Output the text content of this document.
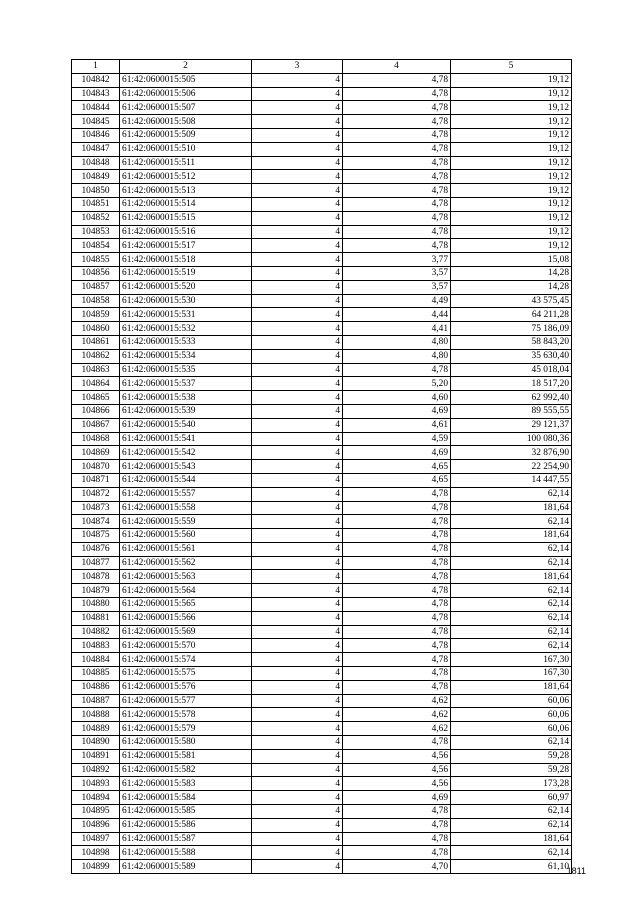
1	2	3	4	5
104842	61:42:0600015:505	4	4,78	19,12
104843	61:42:0600015:506	4	4,78	19,12
104844	61:42:0600015:507	4	4,78	19,12
104845	61:42:0600015:508	4	4,78	19,12
104846	61:42:0600015:509	4	4,78	19,12
104847	61:42:0600015:510	4	4,78	19,12
104848	61:42:0600015:511	4	4,78	19,12
104849	61:42:0600015:512	4	4,78	19,12
104850	61:42:0600015:513	4	4,78	19,12
104851	61:42:0600015:514	4	4,78	19,12
104852	61:42:0600015:515	4	4,78	19,12
104853	61:42:0600015:516	4	4,78	19,12
104854	61:42:0600015:517	4	4,78	19,12
104855	61:42:0600015:518	4	3,77	15,08
104856	61:42:0600015:519	4	3,57	14,28
104857	61:42:0600015:520	4	3,57	14,28
104858	61:42:0600015:530	4	4,49	43 575,45
104859	61:42:0600015:531	4	4,44	64 211,28
104860	61:42:0600015:532	4	4,41	75 186,09
104861	61:42:0600015:533	4	4,80	58 843,20
104862	61:42:0600015:534	4	4,80	35 630,40
104863	61:42:0600015:535	4	4,78	45 018,04
104864	61:42:0600015:537	4	5,20	18 517,20
104865	61:42:0600015:538	4	4,60	62 992,40
104866	61:42:0600015:539	4	4,69	89 555,55
104867	61:42:0600015:540	4	4,61	29 121,37
104868	61:42:0600015:541	4	4,59	100 080,36
104869	61:42:0600015:542	4	4,69	32 876,90
104870	61:42:0600015:543	4	4,65	22 254,90
104871	61:42:0600015:544	4	4,65	14 447,55
104872	61:42:0600015:557	4	4,78	62,14
104873	61:42:0600015:558	4	4,78	181,64
104874	61:42:0600015:559	4	4,78	62,14
104875	61:42:0600015:560	4	4,78	181,64
104876	61:42:0600015:561	4	4,78	62,14
104877	61:42:0600015:562	4	4,78	62,14
104878	61:42:0600015:563	4	4,78	181,64
104879	61:42:0600015:564	4	4,78	62,14
104880	61:42:0600015:565	4	4,78	62,14
104881	61:42:0600015:566	4	4,78	62,14
104882	61:42:0600015:569	4	4,78	62,14
104883	61:42:0600015:570	4	4,78	62,14
104884	61:42:0600015:574	4	4,78	167,30
104885	61:42:0600015:575	4	4,78	167,30
104886	61:42:0600015:576	4	4,78	181,64
104887	61:42:0600015:577	4	4,62	60,06
104888	61:42:0600015:578	4	4,62	60,06
104889	61:42:0600015:579	4	4,62	60,06
104890	61:42:0600015:580	4	4,78	62,14
104891	61:42:0600015:581	4	4,56	59,28
104892	61:42:0600015:582	4	4,56	59,28
104893	61:42:0600015:583	4	4,56	173,28
104894	61:42:0600015:584	4	4,69	60,97
104895	61:42:0600015:585	4	4,78	62,14
104896	61:42:0600015:586	4	4,78	62,14
104897	61:42:0600015:587	4	4,78	181,64
104898	61:42:0600015:588	4	4,78	62,14
104899	61:42:0600015:589	4	4,70	61,10
1811
